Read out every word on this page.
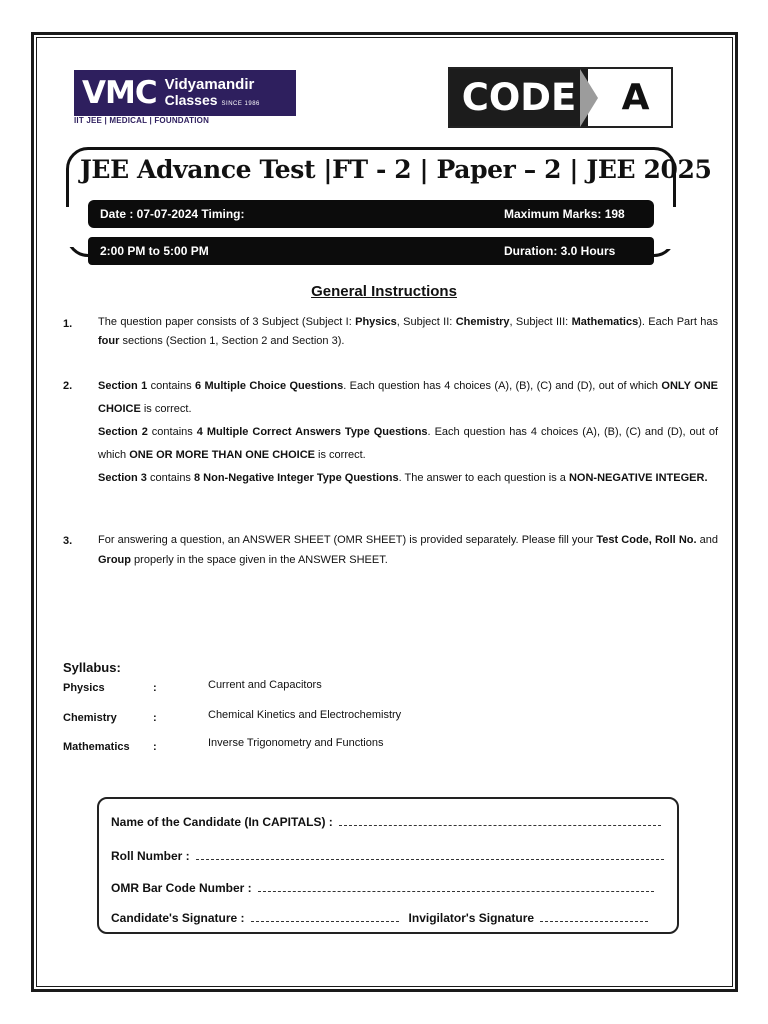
VMC Vidyamandir
Classes SINCE 1986
IIT JEE | MEDICAL | FOUNDATION
CODE	A
JEE Advance Test |FT - 2 | Paper – 2 | JEE 2025
Date : 07-07-2024 Timing:	Maximum Marks: 198
2:00 PM to 5:00 PM	Duration: 3.0 Hours
General Instructions
1. The question paper consists of 3 Subject (Subject I: Physics, Subject II: Chemistry, Subject III: Mathematics). Each Part has four sections (Section 1, Section 2 and Section 3).
2. Section 1 contains 6 Multiple Choice Questions. Each question has 4 choices (A), (B), (C) and (D), out of which ONLY ONE CHOICE is correct.
Section 2 contains 4 Multiple Correct Answers Type Questions. Each question has 4 choices (A), (B), (C) and (D), out of which ONE OR MORE THAN ONE CHOICE is correct.
Section 3 contains 8 Non-Negative Integer Type Questions. The answer to each question is a NON-NEGATIVE INTEGER.
3. For answering a question, an ANSWER SHEET (OMR SHEET) is provided separately. Please fill your Test Code, Roll No. and Group properly in the space given in the ANSWER SHEET.
Syllabus:
Physics	:	Current and Capacitors
Chemistry	:	Chemical Kinetics and Electrochemistry
Mathematics :	Inverse Trigonometry and Functions
Name of the Candidate (In CAPITALS) :
Roll Number :
OMR Bar Code Number :
Candidate's Signature :	Invigilator's Signature
